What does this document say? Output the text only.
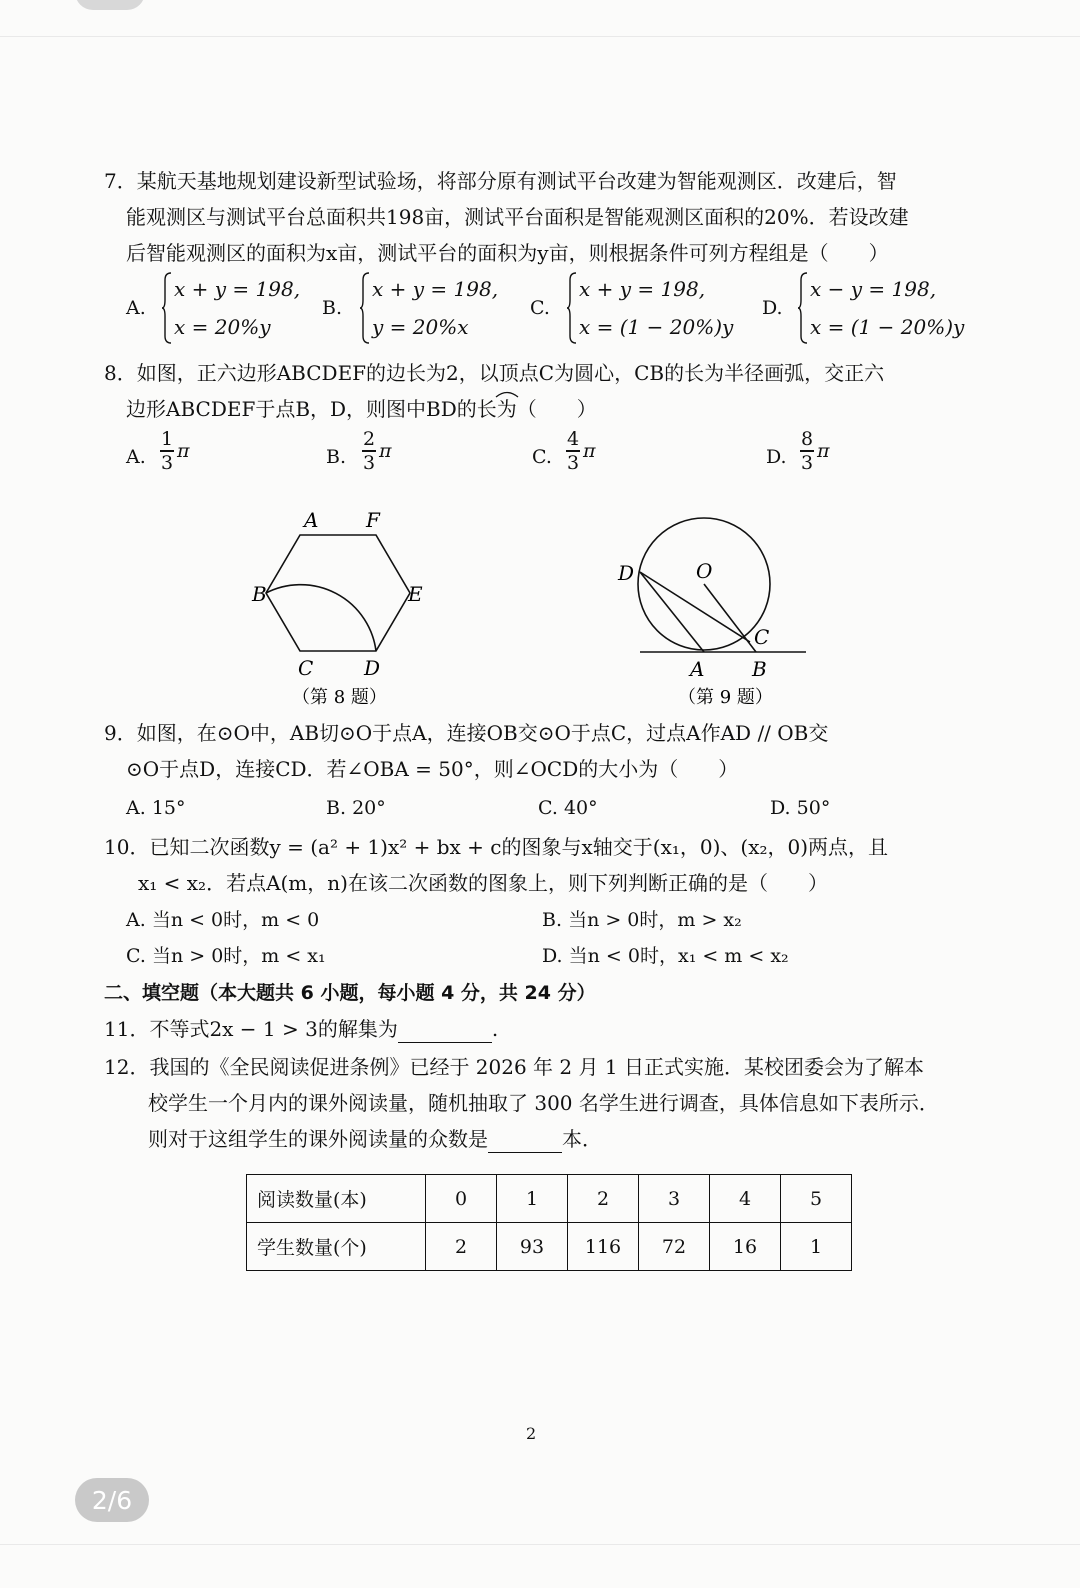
7．某航天基地规划建设新型试验场，将部分原有测试平台改建为智能观测区．改建后，智
能观测区与测试平台总面积共198亩，测试平台面积是智能观测区面积的20%．若设改建
后智能观测区的面积为x亩，测试平台的面积为y亩，则根据条件可列方程组是（　　）
A.
x + y = 198,
x = 20%y
B.
x + y = 198,
y = 20%x
C.
x + y = 198,
x = (1 − 20%)y
D.
x − y = 198,
x = (1 − 20%)y
8．如图，正六边形ABCDEF的边长为2，以顶点C为圆心，CB的长为半径画弧，交正六
边形ABCDEF于点B，D，则图中BD的长为（　　）
A. $\frac{1}{3}$ π	B. $\frac{2}{3}$ π	C. $\frac{4}{3}$ π	D. $\frac{8}{3}$ π
A F
B	E
C	D
（第 8 题）
D	O
C
A B
（第 9 题）
9．如图，在⊙O中，AB切⊙O于点A，连接OB交⊙O于点C，过点A作AD // OB交
⊙O于点D，连接CD．若∠OBA = 50°，则∠OCD的大小为（　　）
A. 15°	B. 20°	C. 40°	D. 50°
10．已知二次函数y = (a² + 1)x² + bx + c的图象与x轴交于(x₁，0)、(x₂，0)两点，且
x₁ < x₂．若点A(m，n)在该二次函数的图象上，则下列判断正确的是（　　）
A. 当n < 0时，m < 0	B. 当n > 0时，m > x₂
C. 当n > 0时，m < x₁	D. 当n < 0时，x₁ < m < x₂
二、填空题（本大题共 6 小题，每小题 4 分，共 24 分）
11．不等式2x − 1 > 3的解集为	.
12．我国的《全民阅读促进条例》已经于 2026 年 2 月 1 日正式实施．某校团委会为了解本
校学生一个月内的课外阅读量，随机抽取了 300 名学生进行调查，具体信息如下表所示．
则对于这组学生的课外阅读量的众数是	本．
阅读数量(本)	0	1	2	3	4	5
学生数量(个)	2	93	116	72	16	1
2
2/6
